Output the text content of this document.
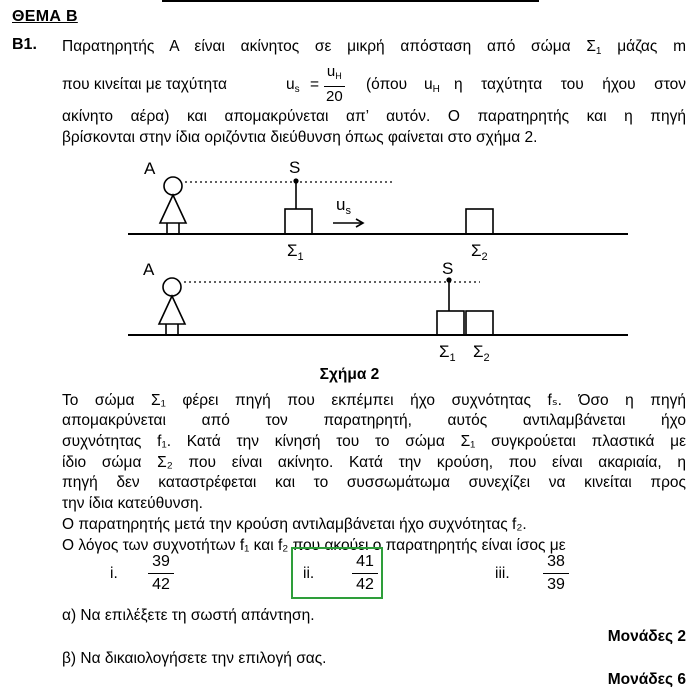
ΘΕΜΑ Β
Β1. Παρατηρητής Α είναι ακίνητος σε μικρή απόσταση από σώμα $\Sigma_1$ μάζας m
που κινείται με ταχύτητα	$u_s = \frac{u_H}{20} (ό\pi o\upsilon$ $u_H$ η ταχύτητα του ήχου στον
ακίνητο αέρα) και απομακρύνεται απ’ αυτόν. Ο παρατηρητής και η πηγή
βρίσκονται στην ίδια οριζόντια διεύθυνση όπως φαίνεται στο σχήμα 2.
A	S
$u_s$
$\Sigma_1$	$\Sigma_2$
A	S
$\Sigma_1$ $\Sigma_2$
Σχήμα 2
Το σώμα Σ₁ φέρει πηγή που εκπέμπει ήχο συχνότητας fₛ. Όσο η πηγή
απομακρύνεται από τον παρατηρητή, αυτός αντιλαμβάνεται ήχο
συχνότητας f₁. Κατά την κίνησή του το σώμα Σ₁ συγκρούεται πλαστικά με
ίδιο σώμα Σ₂ που είναι ακίνητο. Κατά την κρούση, που είναι ακαριαία, η
πηγή δεν καταστρέφεται και το συσσωμάτωμα συνεχίζει να κινείται προς
την ίδια κατεύθυνση.
Ο παρατηρητής μετά την κρούση αντιλαμβάνεται ήχο συχνότητας f₂.
Ο λόγος των συχνοτήτων f₁ και f₂ που ακούει ο παρατηρητής είναι ίσος με
i. $\frac{39}{42}$	ii. $\frac{41}{42}$	iii. $\frac{38}{39}$
α) Να επιλέξετε τη σωστή απάντηση.
Μονάδες 2
β) Να δικαιολογήσετε την επιλογή σας.
Μονάδες 6
